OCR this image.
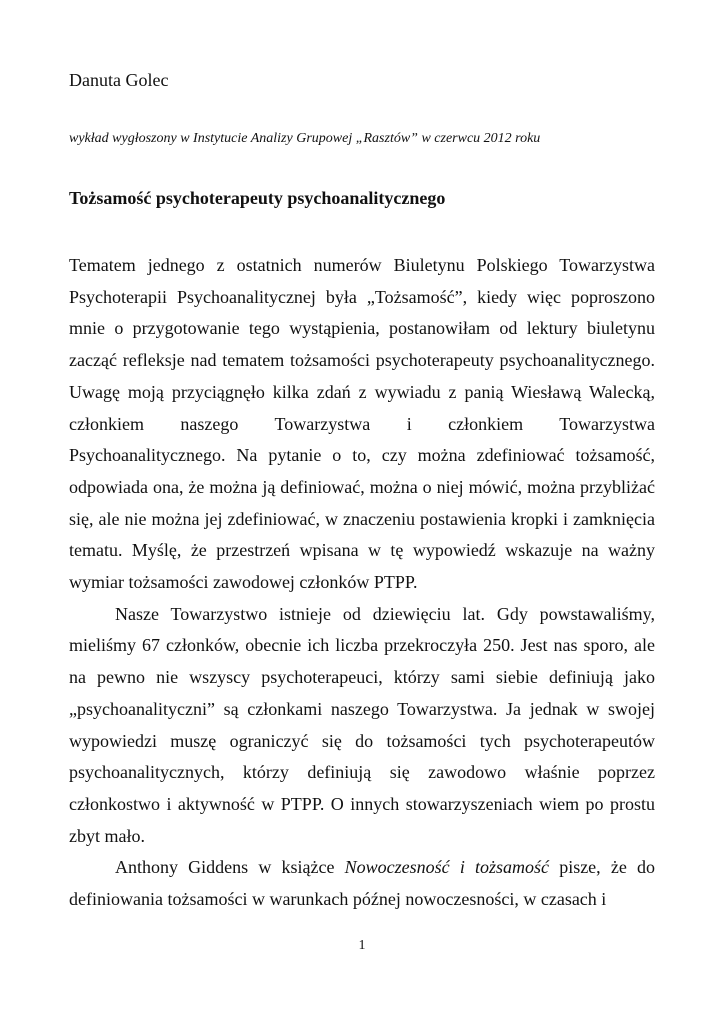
Danuta Golec

wykład wygłoszony w Instytucie Analizy Grupowej „Rasztów” w czerwcu 2012 roku

Tożsamość psychoterapeuty psychoanalitycznego

Tematem jednego z ostatnich numerów Biuletynu Polskiego Towarzystwa Psychoterapii Psychoanalitycznej była „Tożsamość”, kiedy więc poproszono mnie o przygotowanie tego wystąpienia, postanowiłam od lektury biuletynu zacząć refleksje nad tematem tożsamości psychoterapeuty psychoanalitycznego. Uwagę moją przyciągnęło kilka zdań z wywiadu z panią Wiesławą Walecką, członkiem naszego Towarzystwa i członkiem Towarzystwa Psychoanalitycznego. Na pytanie o to, czy można zdefiniować tożsamość, odpowiada ona, że można ją definiować, można o niej mówić, można przybliżać się, ale nie można jej zdefiniować, w znaczeniu postawienia kropki i zamknięcia tematu. Myślę, że przestrzeń wpisana w tę wypowiedź wskazuje na ważny wymiar tożsamości zawodowej członków PTPP.

Nasze Towarzystwo istnieje od dziewięciu lat. Gdy powstawaliśmy, mieliśmy 67 członków, obecnie ich liczba przekroczyła 250. Jest nas sporo, ale na pewno nie wszyscy psychoterapeuci, którzy sami siebie definiują jako „psychoanalityczni” są członkami naszego Towarzystwa. Ja jednak w swojej wypowiedzi muszę ograniczyć się do tożsamości tych psychoterapeutów psychoanalitycznych, którzy definiują się zawodowo właśnie poprzez członkostwo i aktywność w PTPP. O innych stowarzyszeniach wiem po prostu zbyt mało.

Anthony Giddens w książce Nowoczesność i tożsamość pisze, że do definiowania tożsamości w warunkach późnej nowoczesności, w czasach i

1
